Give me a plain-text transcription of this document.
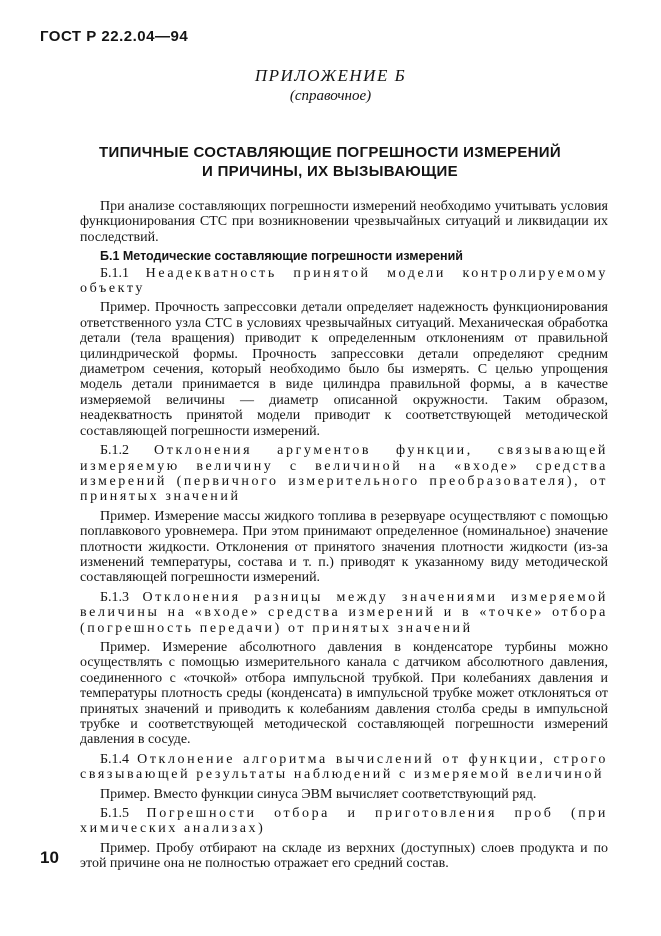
ГОСТ Р 22.2.04—94
ПРИЛОЖЕНИЕ Б
(справочное)
ТИПИЧНЫЕ СОСТАВЛЯЮЩИЕ ПОГРЕШНОСТИ ИЗМЕРЕНИЙ
И ПРИЧИНЫ, ИХ ВЫЗЫВАЮЩИЕ

При анализе составляющих погрешности измерений необходимо учитывать условия функционирования СТС при возникновении чрезвычайных ситуаций и ликвидации их последствий.

Б.1 Методические составляющие погрешности измерений

Б.1.1 Неадекватность принятой модели контролируемому объекту

Пример. Прочность запрессовки детали определяет надежность функционирования ответственного узла СТС в условиях чрезвычайных ситуаций. Механическая обработка детали (тела вращения) приводит к определенным отклонениям от правильной цилиндрической формы. Прочность запрессовки детали определяют средним диаметром сечения, который необходимо было бы измерять. С целью упрощения модель детали принимается в виде цилиндра правильной формы, а в качестве измеряемой величины — диаметр описанной окружности. Таким образом, неадекватность принятой модели приводит к соответствующей методической составляющей погрешности измерений.

Б.1.2 Отклонения аргументов функции, связывающей измеряемую величину с величиной на «входе» средства измерений (первичного измерительного преобразователя), от принятых значений

Пример. Измерение массы жидкого топлива в резервуаре осуществляют с помощью поплавкового уровнемера. При этом принимают определенное (номинальное) значение плотности жидкости. Отклонения от принятого значения плотности жидкости (из-за изменений температуры, состава и т. п.) приводят к указанному виду методической составляющей погрешности измерений.

Б.1.3 Отклонения разницы между значениями измеряемой величины на «входе» средства измерений и в «точке» отбора (погрешность передачи) от принятых значений

Пример. Измерение абсолютного давления в конденсаторе турбины можно осуществлять с помощью измерительного канала с датчиком абсолютного давления, соединенного с «точкой» отбора импульсной трубкой. При колебаниях давления и температуры плотность среды (конденсата) в импульсной трубке может отклоняться от принятых значений и приводить к колебаниям давления столба среды в импульсной трубке и соответствующей методической составляющей погрешности измерений давления в сосуде.

Б.1.4 Отклонение алгоритма вычислений от функции, строго связывающей результаты наблюдений с измеряемой величиной

Пример. Вместо функции синуса ЭВМ вычисляет соответствующий ряд.

Б.1.5 Погрешности отбора и приготовления проб (при химических анализах)

Пример. Пробу отбирают на складе из верхних (доступных) слоев продукта и по этой причине она не полностью отражает его средний состав.

10
